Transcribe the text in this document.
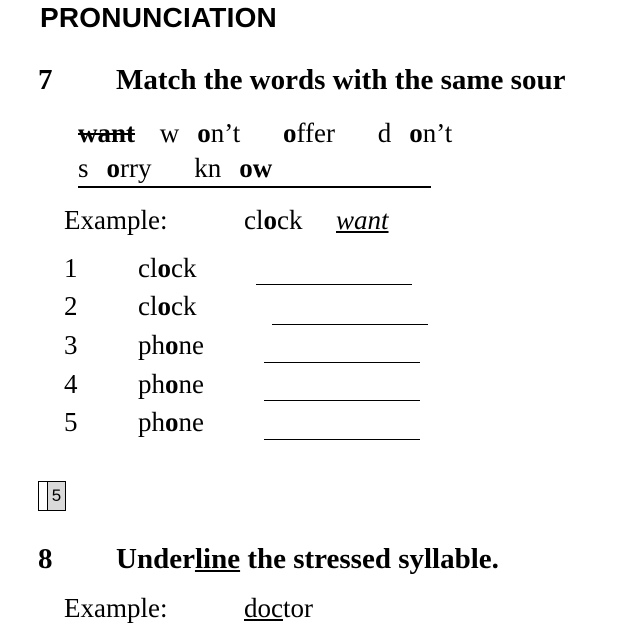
PRONUNCIATION
7 Match the words with the same sour
want w on’t offer d on’t
s orry kn ow
Example:	clock want
1 clock
2 clock
3 phone
4 phone
5 phone
5
8 Underline the stressed syllable.
Example:	doctor
